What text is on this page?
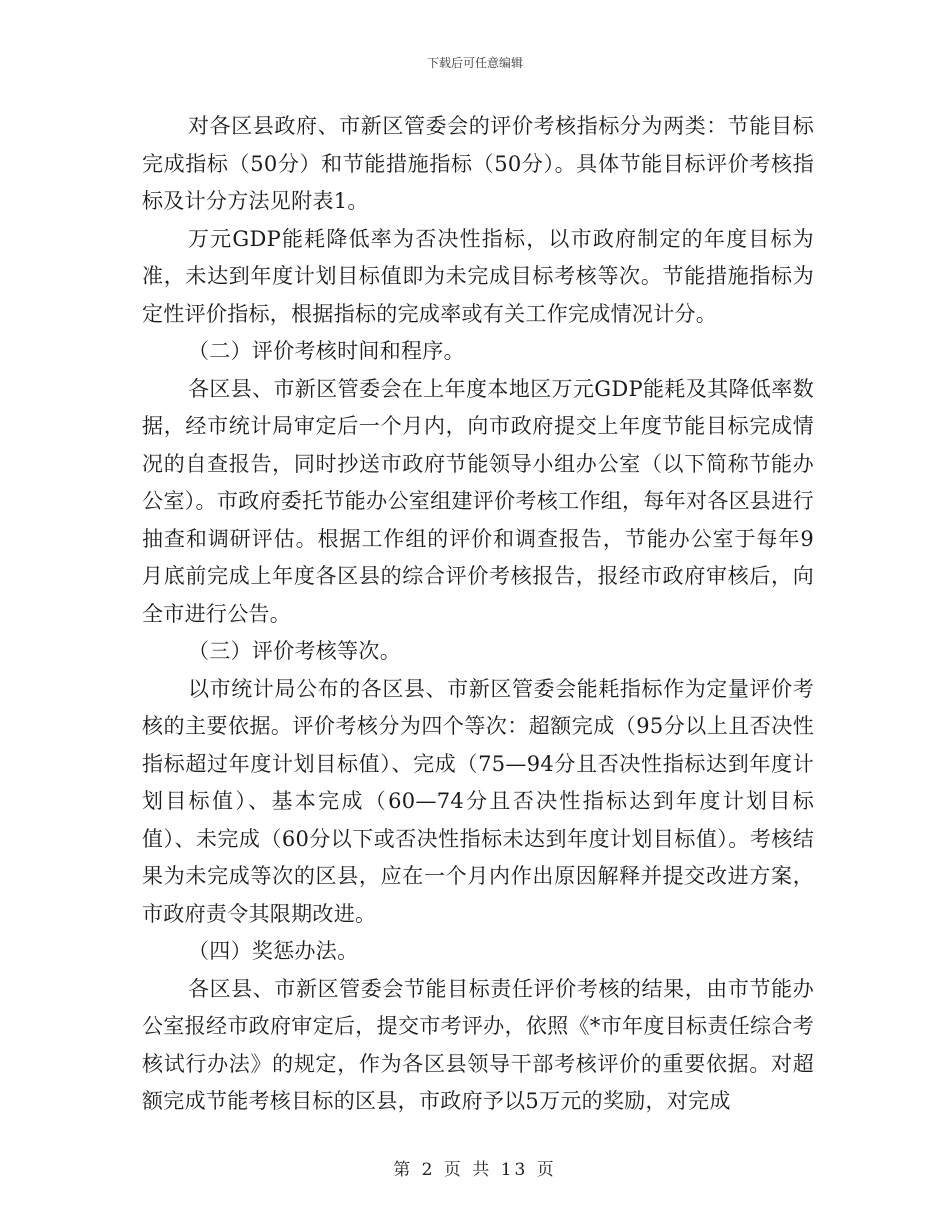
下载后可任意编辑

对各区县政府、市新区管委会的评价考核指标分为两类：节能目标完成指标（50分）和节能措施指标（50分）。具体节能目标评价考核指标及计分方法见附表1。

万元GDP能耗降低率为否决性指标，以市政府制定的年度目标为准，未达到年度计划目标值即为未完成目标考核等次。节能措施指标为定性评价指标，根据指标的完成率或有关工作完成情况计分。

（二）评价考核时间和程序。

各区县、市新区管委会在上年度本地区万元GDP能耗及其降低率数据，经市统计局审定后一个月内，向市政府提交上年度节能目标完成情况的自查报告，同时抄送市政府节能领导小组办公室（以下简称节能办公室）。市政府委托节能办公室组建评价考核工作组，每年对各区县进行抽查和调研评估。根据工作组的评价和调查报告，节能办公室于每年9月底前完成上年度各区县的综合评价考核报告，报经市政府审核后，向全市进行公告。

（三）评价考核等次。

以市统计局公布的各区县、市新区管委会能耗指标作为定量评价考核的主要依据。评价考核分为四个等次：超额完成（95分以上且否决性指标超过年度计划目标值）、完成（75—94分且否决性指标达到年度计划目标值）、基本完成（60—74分且否决性指标达到年度计划目标值）、未完成（60分以下或否决性指标未达到年度计划目标值）。考核结果为未完成等次的区县，应在一个月内作出原因解释并提交改进方案，市政府责令其限期改进。

（四）奖惩办法。

各区县、市新区管委会节能目标责任评价考核的结果，由市节能办公室报经市政府审定后，提交市考评办，依照《*市年度目标责任综合考核试行办法》的规定，作为各区县领导干部考核评价的重要依据。对超额完成节能考核目标的区县，市政府予以5万元的奖励，对完成

第 2 页 共 13 页
